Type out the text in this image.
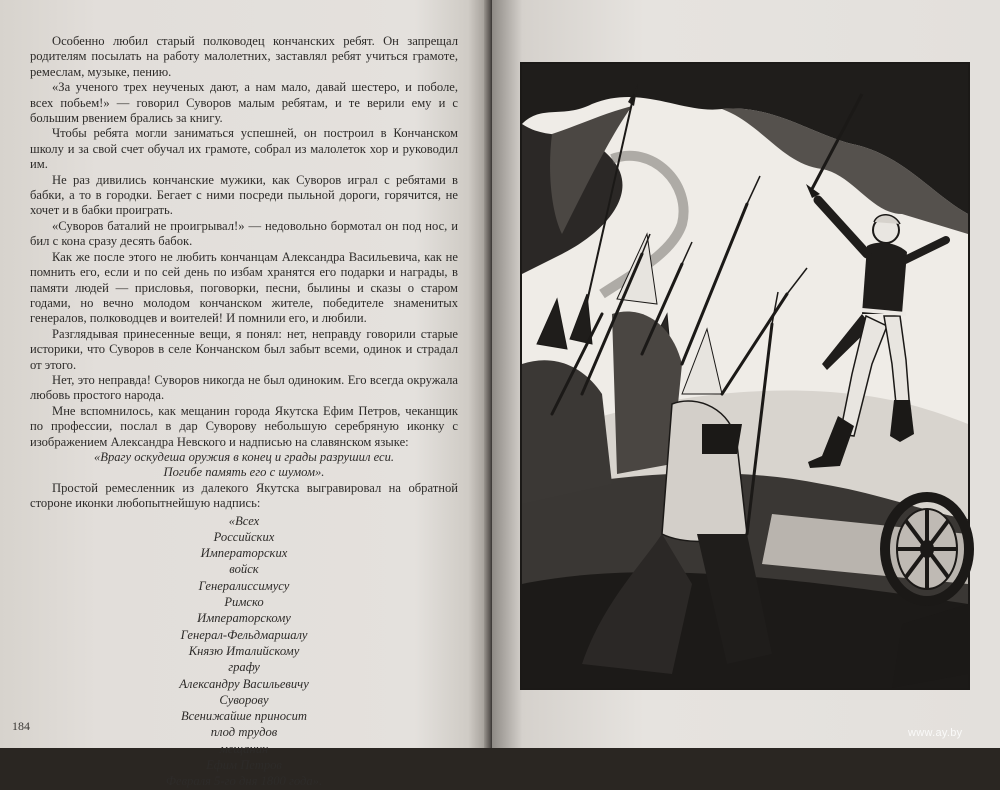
Особенно любил старый полководец кончанских ребят. Он запрещал родителям посылать на работу малолетних, заставлял ребят учиться грамоте, ремеслам, музыке, пению.

«За ученого трех неученых дают, а нам мало, давай шестеро, и поболе, всех побьем!» — говорил Суворов малым ребятам, и те верили ему и с большим рвением брались за книгу.

Чтобы ребята могли заниматься успешней, он построил в Кончанском школу и за свой счет обучал их грамоте, собрал из малолеток хор и руководил им.

Не раз дивились кончанские мужики, как Суворов играл с ребятами в бабки, а то в городки. Бегает с ними посреди пыльной дороги, горячится, не хочет и в бабки проиграть.

«Суворов баталий не проигрывал!» — недовольно бормотал он под нос, и бил с кона сразу десять бабок.

Как же после этого не любить кончанцам Александра Васильевича, как не помнить его, если и по сей день по избам хранятся его подарки и награды, в памяти людей — присловья, поговорки, песни, былины и сказы о старом годами, но вечно молодом кончанском жителе, победителе знаменитых генералов, полководцев и воителей! И помнили его, и любили.

Разглядывая принесенные вещи, я понял: нет, неправду говорили старые историки, что Суворов в селе Кончанском был забыт всеми, одинок и страдал от этого.

Нет, это неправда! Суворов никогда не был одиноким. Его всегда окружала любовь простого народа.

Мне вспомнилось, как мещанин города Якутска Ефим Петров, чеканщик по профессии, послал в дар Суворову небольшую серебряную иконку с изображением Александра Невского и надписью на славянском языке:

«Врагу оскудеша оружия в конец и грады разрушил еси.

Погибе память его с шумом».

Простой ремесленник из далекого Якутска выгравировал на обратной стороне иконки любопытнейшую надпись:

«Всех
Российских
Императорских
войск
Генералиссимусу
Римско
Императорскому
Генерал-Фельдмаршалу
Князю Италийскому
графу
Александру Васильевичу
Суворову
Всенижайше приносит
плод трудов
мещанин
Ефим Петров
Февраля 5-го дня 1800 года».
184	www.ay.by
